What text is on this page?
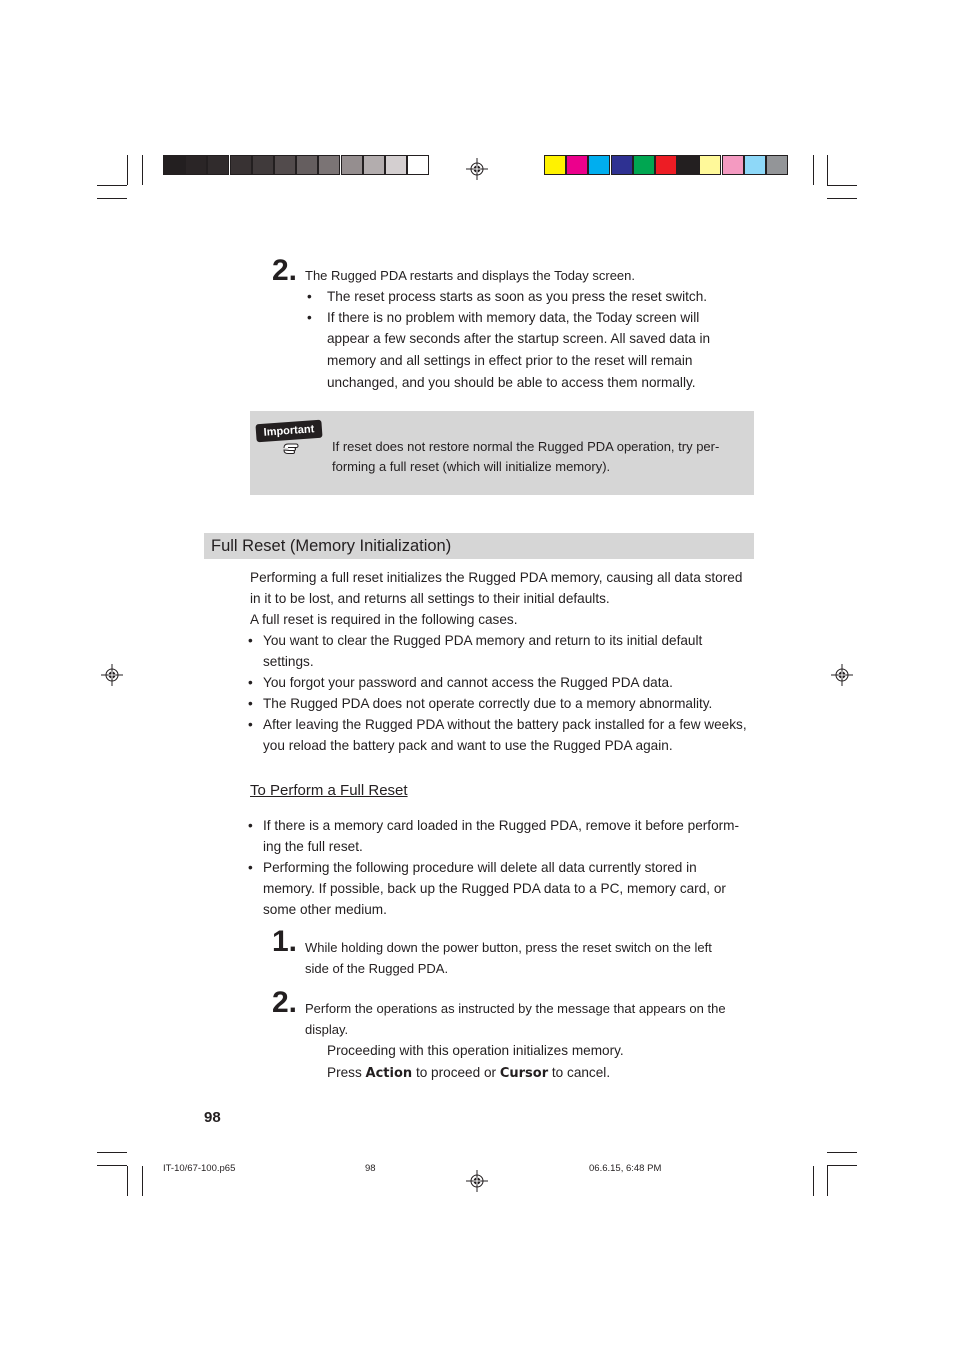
2. The Rugged PDA restarts and displays the Today screen.
• The reset process starts as soon as you press the reset switch.
• If there is no problem with memory data, the Today screen will
appear a few seconds after the startup screen. All saved data in
memory and all settings in effect prior to the reset will remain
unchanged, and you should be able to access them normally.
Important
If reset does not restore normal the Rugged PDA operation, try per-
forming a full reset (which will initialize memory).
Full Reset (Memory Initialization)
Performing a full reset initializes the Rugged PDA memory, causing all data stored
in it to be lost, and returns all settings to their initial defaults.
A full reset is required in the following cases.
• You want to clear the Rugged PDA memory and return to its initial default
settings.
• You forgot your password and cannot access the Rugged PDA data.
• The Rugged PDA does not operate correctly due to a memory abnormality.
• After leaving the Rugged PDA without the battery pack installed for a few weeks,
you reload the battery pack and want to use the Rugged PDA again.
To Perform a Full Reset
• If there is a memory card loaded in the Rugged PDA, remove it before perform-
ing the full reset.
• Performing the following procedure will delete all data currently stored in
memory. If possible, back up the Rugged PDA data to a PC, memory card, or
some other medium.
1. While holding down the power button, press the reset switch on the left
side of the Rugged PDA.
2. Perform the operations as instructed by the message that appears on the
display.
Proceeding with this operation initializes memory.
Press Action to proceed or Cursor to cancel.
98
IT-10/67-100.p65	98	06.6.15, 6:48 PM
